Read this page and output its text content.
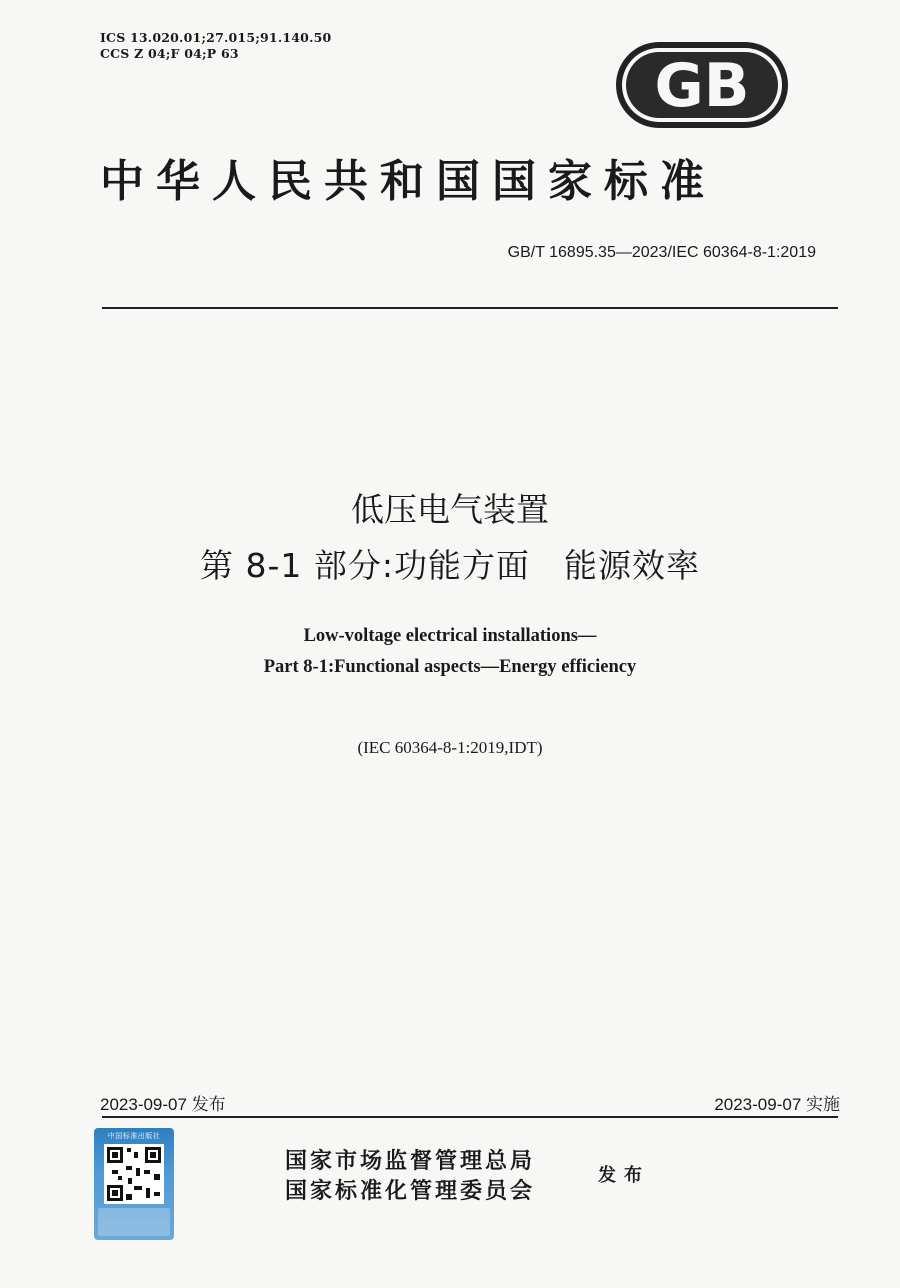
ICS 13.020.01;27.015;91.140.50
CCS Z 04;F 04;P 63	GB
中华人民共和国国家标准
GB/T 16895.35—2023/IEC 60364-8-1:2019
低压电气装置
第 8-1 部分:功能方面　能源效率
Low-voltage electrical installations—
Part 8-1:Functional aspects—Energy efficiency
(IEC 60364-8-1:2019,IDT)
2023-09-07 发布	2023-09-07 实施
中国标准出版社
国家市场监督管理总局
国家标准化管理委员会
发布
